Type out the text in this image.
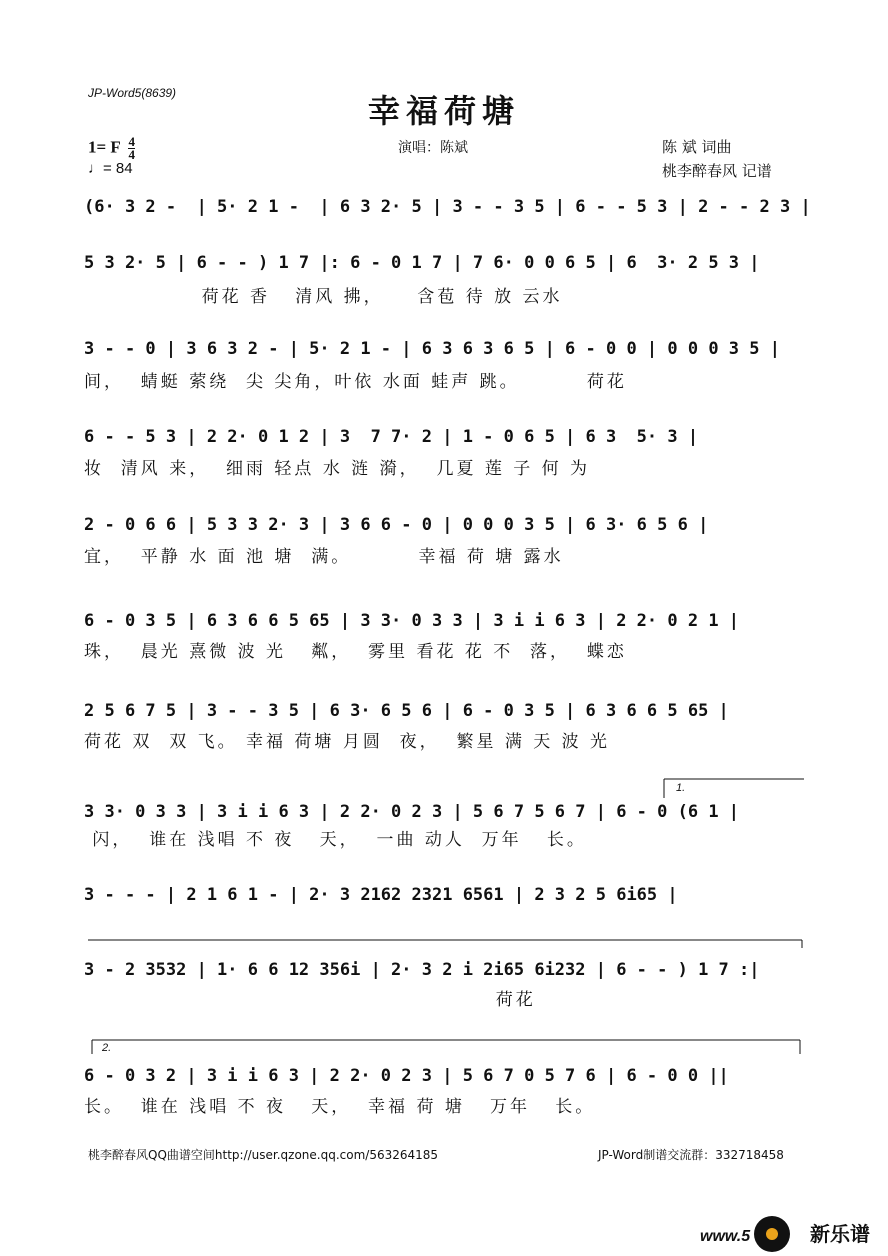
JP-Word5(8639)	幸福荷塘
1= F $\frac{4}{4}$
♩= 84
演唱：陈斌	陈 斌 词曲
桃李醉春风 记谱
(6· 3 2 -  | 5· 2 1 -  | 6 3 2· 5 | 3 - - 3 5 | 6 - - 5 3 | 2 - - 2 3 |
5 3 2· 5 | 6 - - ) 1 7 |: 6 - 0 1 7 | 7 6· 0 0 6 5 | 6  3· 2 5 3 |
荷花 香   清风 拂，    含苞 待 放 云水
3 - - 0 | 3 6 3 2 - | 5· 2 1 - | 6 3 6 3 6 5 | 6 - 0 0 | 0 0 0 3 5 |
间，  蜻蜓 萦绕  尖 尖角，叶依 水面 蛙声 跳。        荷花
6 - - 5 3 | 2 2· 0 1 2 | 3  7 7· 2 | 1 - 0 6 5 | 6 3  5· 3 |
妆  清风 来，  细雨 轻点 水 涟 漪，  几夏 莲 子 何 为
2 - 0 6 6 | 5 3 3 2· 3 | 3 6 6 - 0 | 0 0 0 3 5 | 6 3· 6 5 6 |
宜，  平静 水 面 池 塘  满。        幸福 荷 塘 露水
6 - 0 3 5 | 6 3 6 6 5 65 | 3 3· 0 3 3 | 3 i i 6 3 | 2 2· 0 2 1 |
珠，  晨光 熹微 波 光   粼，  雾里 看花 花 不  落，  蝶恋
2 5 6 7 5 | 3 - - 3 5 | 6 3· 6 5 6 | 6 - 0 3 5 | 6 3 6 6 5 65 |
荷花 双  双 飞。 幸福 荷塘 月圆  夜，  繁星 满 天 波 光
1.
3 3· 0 3 3 | 3 i i 6 3 | 2 2· 0 2 3 | 5 6 7 5 6 7 | 6 - 0 (6 1 |
闪，  谁在 浅唱 不 夜   天，  一曲 动人  万年   长。
3 - - - | 2 1 6 1 - | 2· 3 2162 2321 6561 | 2 3 2 5 6i65 |
3 - 2 3532 | 1· 6 6 12 356i | 2· 3 2 i 2i65 6i232 | 6 - - ) 1 7 :|
荷花
2.
6 - 0 3 2 | 3 i i 6 3 | 2 2· 0 2 3 | 5 6 7 0 5 7 6 | 6 - 0 0 ||
长。  谁在 浅唱 不 夜   天，  幸福 荷 塘   万年   长。
桃李醉春风QQ曲谱空间http://user.qzone.qq.com/563264185	JP-Word制谱交流群：332718458
www.5	新乐谱
